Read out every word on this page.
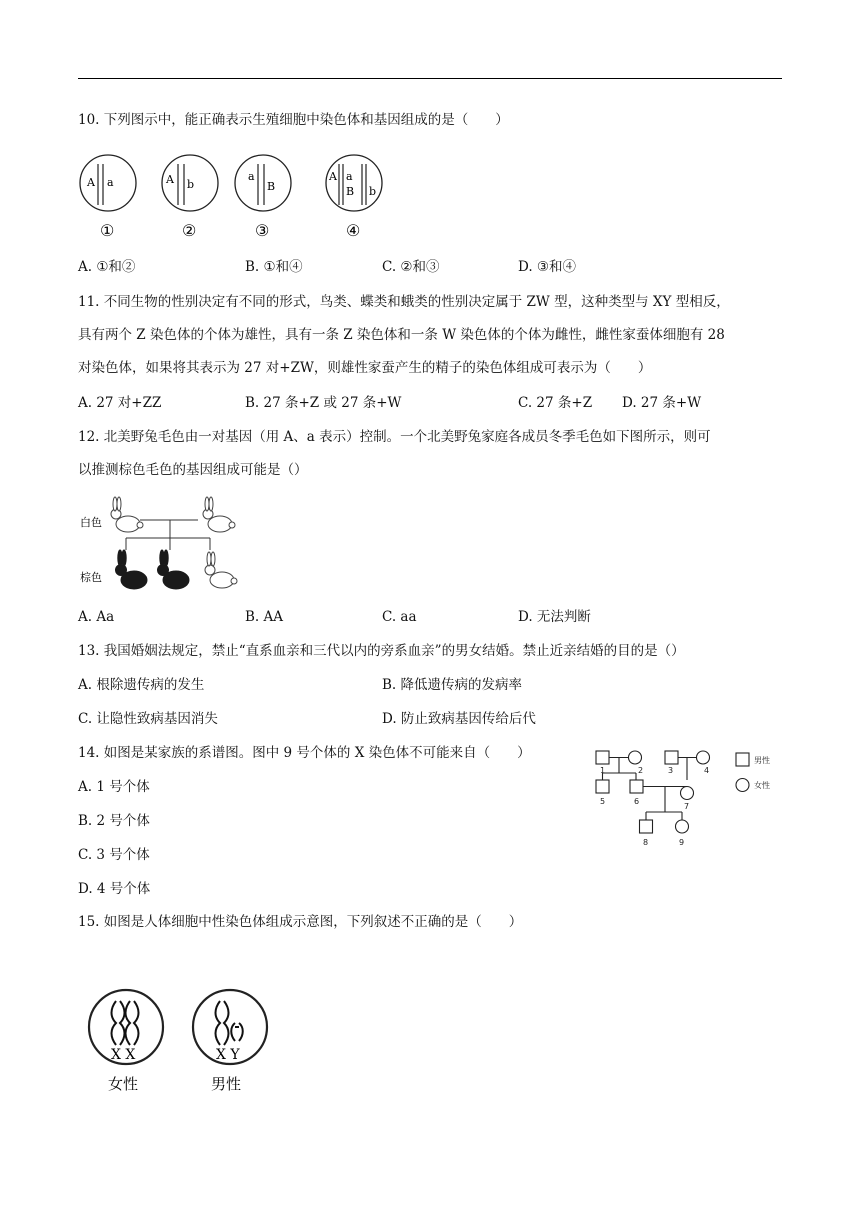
10. 下列图示中，能正确表示生殖细胞中染色体和基因组成的是（　　）
A a
①
A b
②
a
B
③
A a
B b
④
A. ①和②	B. ①和④	C. ②和③	D. ③和④
11. 不同生物的性别决定有不同的形式，鸟类、蝶类和蛾类的性别决定属于 ZW 型，这种类型与 XY 型相反，
具有两个 Z 染色体的个体为雄性，具有一条 Z 染色体和一条 W 染色体的个体为雌性，雌性家蚕体细胞有 28
对染色体，如果将其表示为 27 对+ZW，则雄性家蚕产生的精子的染色体组成可表示为（　　）
A. 27 对+ZZ	B. 27 条+Z 或 27 条+W	C. 27 条+Z D. 27 条+W
12. 北美野兔毛色由一对基因（用 A、a 表示）控制。一个北美野兔家庭各成员冬季毛色如下图所示，则可
以推测棕色毛色的基因组成可能是（）
白色
棕色
A. Aa	B. AA	C. aa	D. 无法判断
13. 我国婚姻法规定，禁止“直系血亲和三代以内的旁系血亲”的男女结婚。禁止近亲结婚的目的是（）
A. 根除遗传病的发生	B. 降低遗传病的发病率
C. 让隐性致病基因消失	D. 防止致病基因传给后代
14. 如图是某家族的系谱图。图中 9 号个体的 X 染色体不可能来自（　　）
A. 1 号个体
B. 2 号个体
C. 3 号个体
D. 4 号个体
1	2	3	4
5	6
7
8	9
男性
女性
15. 如图是人体细胞中性染色体组成示意图，下列叙述不正确的是（　　）
X X
女性
X Y
男性
